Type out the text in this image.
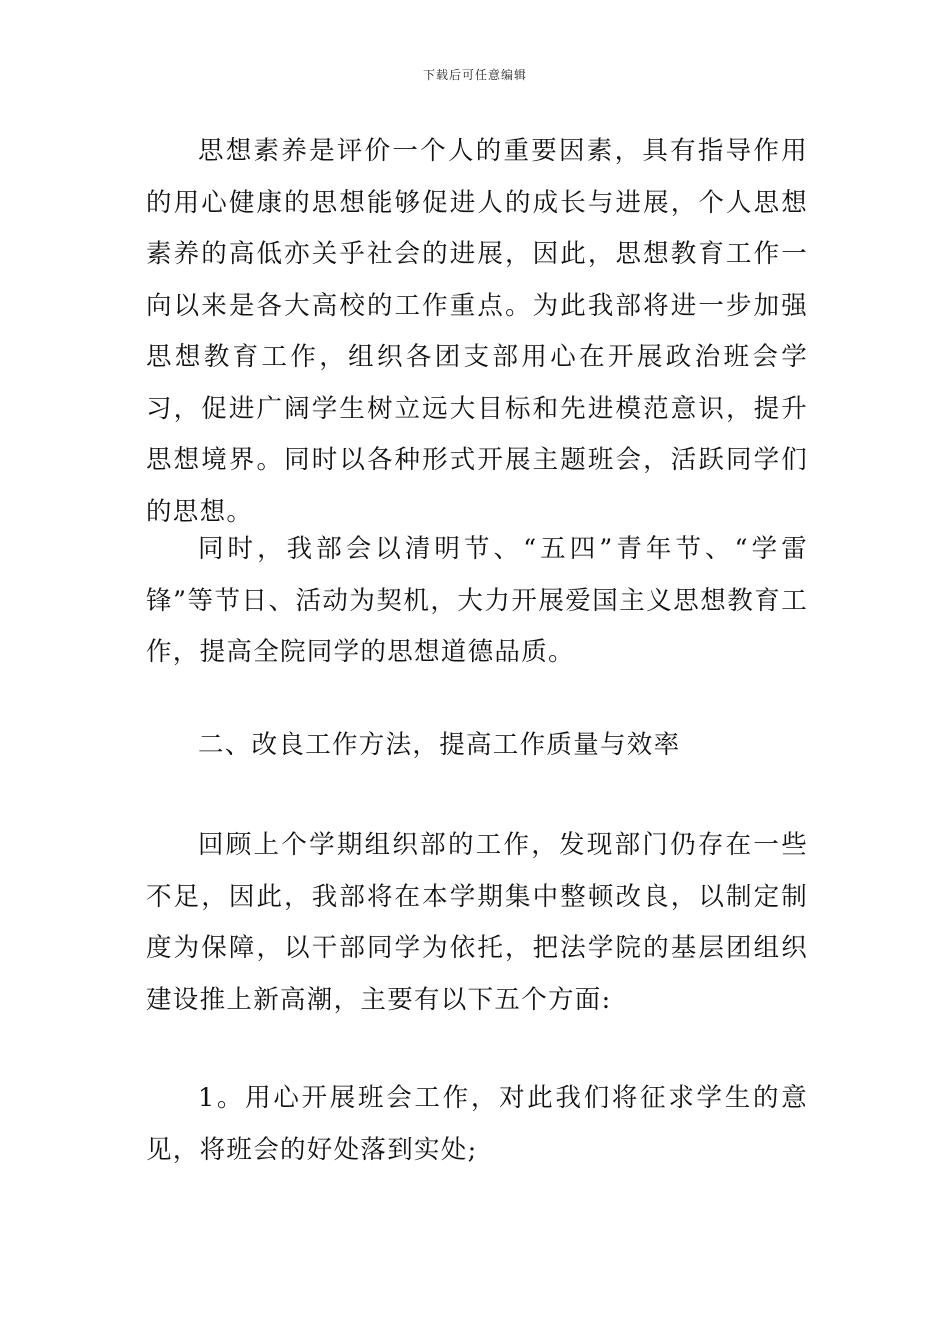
下载后可任意编辑

思想素养是评价一个人的重要因素，具有指导作用的用心健康的思想能够促进人的成长与进展，个人思想素养的高低亦关乎社会的进展，因此，思想教育工作一向以来是各大高校的工作重点。为此我部将进一步加强思想教育工作，组织各团支部用心在开展政治班会学习，促进广阔学生树立远大目标和先进模范意识，提升思想境界。同时以各种形式开展主题班会，活跃同学们的思想。

同时，我部会以清明节、“五四”青年节、“学雷锋”等节日、活动为契机，大力开展爱国主义思想教育工作，提高全院同学的思想道德品质。

二、改良工作方法，提高工作质量与效率

回顾上个学期组织部的工作，发现部门仍存在一些不足，因此，我部将在本学期集中整顿改良，以制定制度为保障，以干部同学为依托，把法学院的基层团组织建设推上新高潮，主要有以下五个方面:

1。用心开展班会工作，对此我们将征求学生的意见，将班会的好处落到实处;
